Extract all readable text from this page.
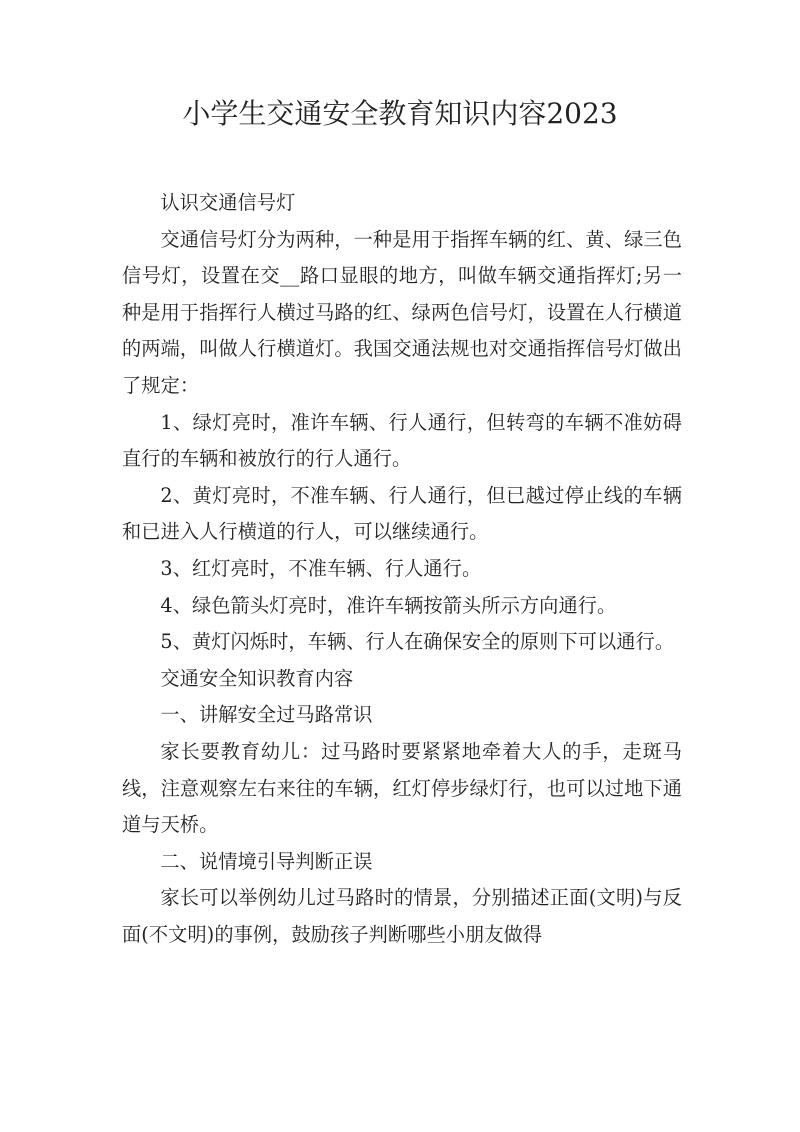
小学生交通安全教育知识内容2023

认识交通信号灯

交通信号灯分为两种，一种是用于指挥车辆的红、黄、绿三色信号灯，设置在交__路口显眼的地方，叫做车辆交通指挥灯;另一种是用于指挥行人横过马路的红、绿两色信号灯，设置在人行横道的两端，叫做人行横道灯。我国交通法规也对交通指挥信号灯做出了规定：

1、绿灯亮时，准许车辆、行人通行，但转弯的车辆不准妨碍直行的车辆和被放行的行人通行。

2、黄灯亮时，不准车辆、行人通行，但已越过停止线的车辆和已进入人行横道的行人，可以继续通行。

3、红灯亮时，不准车辆、行人通行。

4、绿色箭头灯亮时，准许车辆按箭头所示方向通行。

5、黄灯闪烁时，车辆、行人在确保安全的原则下可以通行。

交通安全知识教育内容

一、讲解安全过马路常识

家长要教育幼儿：过马路时要紧紧地牵着大人的手，走斑马线，注意观察左右来往的车辆，红灯停步绿灯行，也可以过地下通道与天桥。

二、说情境引导判断正误

家长可以举例幼儿过马路时的情景，分别描述正面(文明)与反面(不文明)的事例，鼓励孩子判断哪些小朋友做得
